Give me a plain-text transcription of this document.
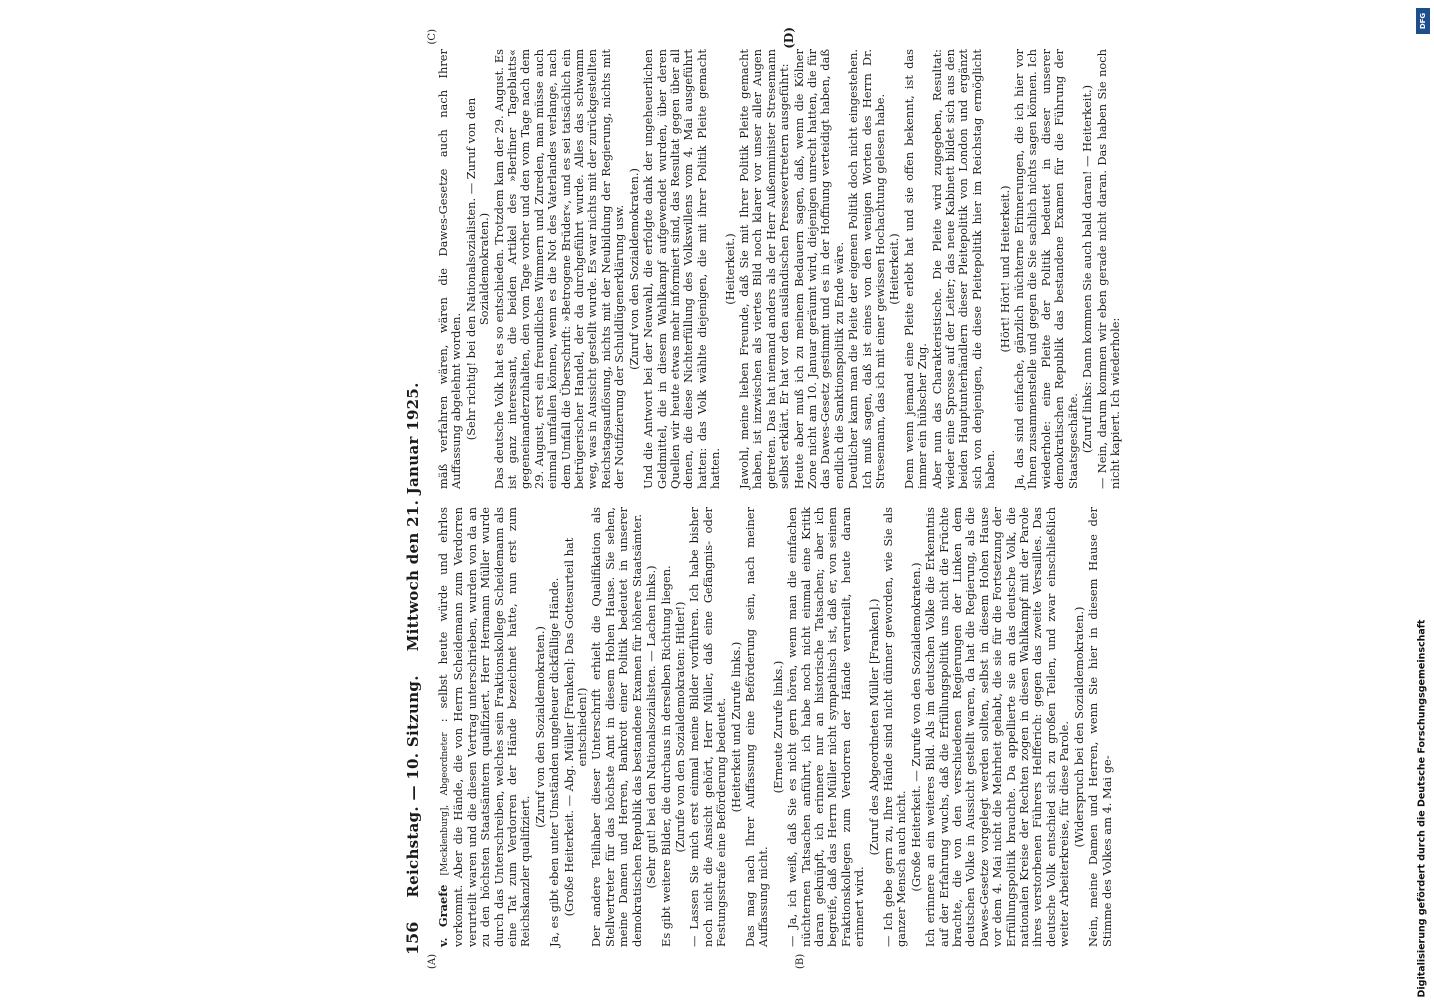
156
Reichstag. — 10. Sitzung.
Mittwoch den 21. Januar 1925.
(A)	(B)
(C)	(D)

v. Graefe [Mecklenburg], Abgeordneter : selbst heute würde und ehrlos vorkommt. Aber die Hände, die von Herrn Scheidemann zum Verdorren verurteilt waren und die diesen Vertrag unterschrieben, wurden von da an zu den höchsten Staatsämtern qualifiziert. Herr Hermann Müller wurde durch das Unterschreiben, welches sein Fraktionskollege Scheidemann als eine Tat zum Verdorren der Hände bezeichnet hatte, nun erst zum Reichskanzler qualifiziert.

(Zuruf von den Sozialdemokraten.) Ja, es gibt eben unter Umständen ungeheuer dickfällige Hände. (Große Heiterkeit. — Abg. Müller [Franken]: Das Gottesurteil hat entschieden!) Der andere Teilhaber dieser Unterschrift erhielt die Qualifikation als Stellvertreter für das höchste Amt in diesem Hohen Hause. Sie sehen, meine Damen und Herren, Bankrott einer Politik bedeutet in unserer demokratischen Republik das bestandene Examen für höhere Staatsämter. (Sehr gut! bei den Nationalsozialisten. — Lachen links.) Es gibt weitere Bilder, die durchaus in derselben Richtung liegen. (Zurufe von den Sozialdemokraten: Hitler!) — Lassen Sie mich erst einmal meine Bilder vorführen. Ich habe bisher noch nicht die Ansicht gehört, Herr Müller, daß eine Gefängnis- oder Festungsstrafe eine Beförderung bedeutet. (Heiterkeit und Zurufe links.) Das mag nach Ihrer Auffassung eine Beförderung sein, nach meiner Auffassung nicht.

(Erneute Zurufe links.) — Ja, ich weiß, daß Sie es nicht gern hören, wenn man die einfachen nüchternen Tatsachen anführt, ich habe noch nicht einmal eine Kritik daran geknüpft, ich erinnere nur an historische Tatsachen; aber ich begreife, daß das Herrn Müller nicht sympathisch ist, daß er, von seinem Fraktionskollegen zum Verdorren der Hände verurteilt, heute daran erinnert wird.

(Zuruf des Abgeordneten Müller [Franken].) — Ich gebe gern zu, Ihre Hände sind nicht dünner geworden, wie Sie als ganzer Mensch auch nicht. (Große Heiterkeit. — Zurufe von den Sozialdemokraten.) Ich erinnere an ein weiteres Bild. Als im deutschen Volke die Erkenntnis auf der Erfahrung wuchs, daß die Erfüllungspolitik uns nicht die Früchte brachte, die von den verschiedenen Regierungen der Linken dem deutschen Volke in Aussicht gestellt waren, da hat die Regierung, als die Dawes-Gesetze vorgelegt werden sollten, selbst in diesem Hohen Hause vor dem 4. Mai nicht die Mehrheit gehabt, die sie für die Fortsetzung der Erfüllungspolitik brauchte. Da appellierte sie an das deutsche Volk, die nationalen Kreise der Rechten zogen in diesen Wahlkampf mit der Parole ihres verstorbenen Führers Helfferich: gegen das zweite Versailles. Das deutsche Volk entschied sich zu großen Teilen, und zwar einschließlich weiter Arbeiterkreise, für diese Parole. (Widerspruch bei den Sozialdemokraten.) Nein, meine Damen und Herren, wenn Sie hier in diesem Hause der Stimme des Volkes am 4. Mai ge-

mäß verfahren wären, wären die Dawes-Gesetze auch nach Ihrer Auffassung abgelehnt worden. (Sehr richtig! bei den Nationalsozialisten. — Zuruf von den Sozialdemokraten.) Das deutsche Volk hat es so entschieden. Trotzdem kam der 29. August. Es ist ganz interessant, die beiden Artikel des »Berliner Tageblatts« gegeneinanderzuhalten, den vom Tage vorher und den vom Tage nach dem 29. August, erst ein freundliches Wimmern und Zureden, man müsse auch einmal umfallen können, wenn es die Not des Vaterlandes verlange, nach dem Umfall die Überschrift: »Betrogene Brüder«, und es sei tatsächlich ein betrügerischer Handel, der da durchgeführt wurde. Alles das schwamm weg, was in Aussicht gestellt wurde. Es war nichts mit der zurückgestellten Reichstagsauflösung, nichts mit der Neubildung der Regierung, nichts mit der Notifizierung der Schuldlügenerklärung usw. (Zuruf von den Sozialdemokraten.) Und die Antwort bei der Neuwahl, die erfolgte dank der ungeheuerlichen Geldmittel, die in diesem Wahlkampf aufgewendet wurden, über deren Quellen wir heute etwas mehr informiert sind, das Resultat gegen über all denen, die diese Nichterfüllung des Volkswillens vom 4. Mai ausgeführt hatten: das Volk wählte diejenigen, die mit ihrer Politik Pleite gemacht hatten.

(Heiterkeit.) Jawohl, meine lieben Freunde, daß Sie mit Ihrer Politik Pleite gemacht haben, ist inzwischen als viertes Bild noch klarer vor unser aller Augen getreten. Das hat niemand anders als der Herr Außenminister Stresemann selbst erklärt. Er hat vor den ausländischen Pressevertretern ausgeführt: Heute aber muß ich zu meinem Bedauern sagen, daß, wenn die Kölner Zone nicht am 10. Januar geräumt wird, diejenigen unrecht hatten, die für das Dawes-Gesetz gestimmt und es in der Hoffnung verteidigt haben, daß endlich die Sanktionspolitik zu Ende wäre. Deutlicher kann man die Pleite der eigenen Politik doch nicht eingestehen. Ich muß sagen, daß ist eines von den wenigen Worten des Herrn Dr. Stresemann, das ich mit einer gewissen Hochachtung gelesen habe. (Heiterkeit.) Denn wenn jemand eine Pleite erlebt hat und sie offen bekennt, ist das immer ein hübscher Zug. Aber nun das Charakteristische. Die Pleite wird zugegeben, Resultat: wieder eine Sprosse auf der Leiter; das neue Kabinett bildet sich aus den beiden Hauptunterhändlern dieser Pleitepolitik von London und ergänzt sich von denjenigen, die diese Pleitepolitik hier im Reichstag ermöglicht haben.

(Hört! Hört! und Heiterkeit.) Ja, das sind einfache, gänzlich nüchterne Erinnerungen, die ich hier vor Ihnen zusammenstelle und gegen die Sie sachlich nichts sagen können. Ich wiederhole: eine Pleite der Politik bedeutet in dieser unserer demokratischen Republik das bestandene Examen für die Führung der Staatsgeschäfte. (Zuruf links: Dann kommen Sie auch bald daran! — Heiterkeit.) — Nein, darum kommen wir eben gerade nicht daran. Das haben Sie noch nicht kapiert. Ich wiederhole:

Digitalisierung gefördert durch die Deutsche Forschungsgemeinschaft
DFG
